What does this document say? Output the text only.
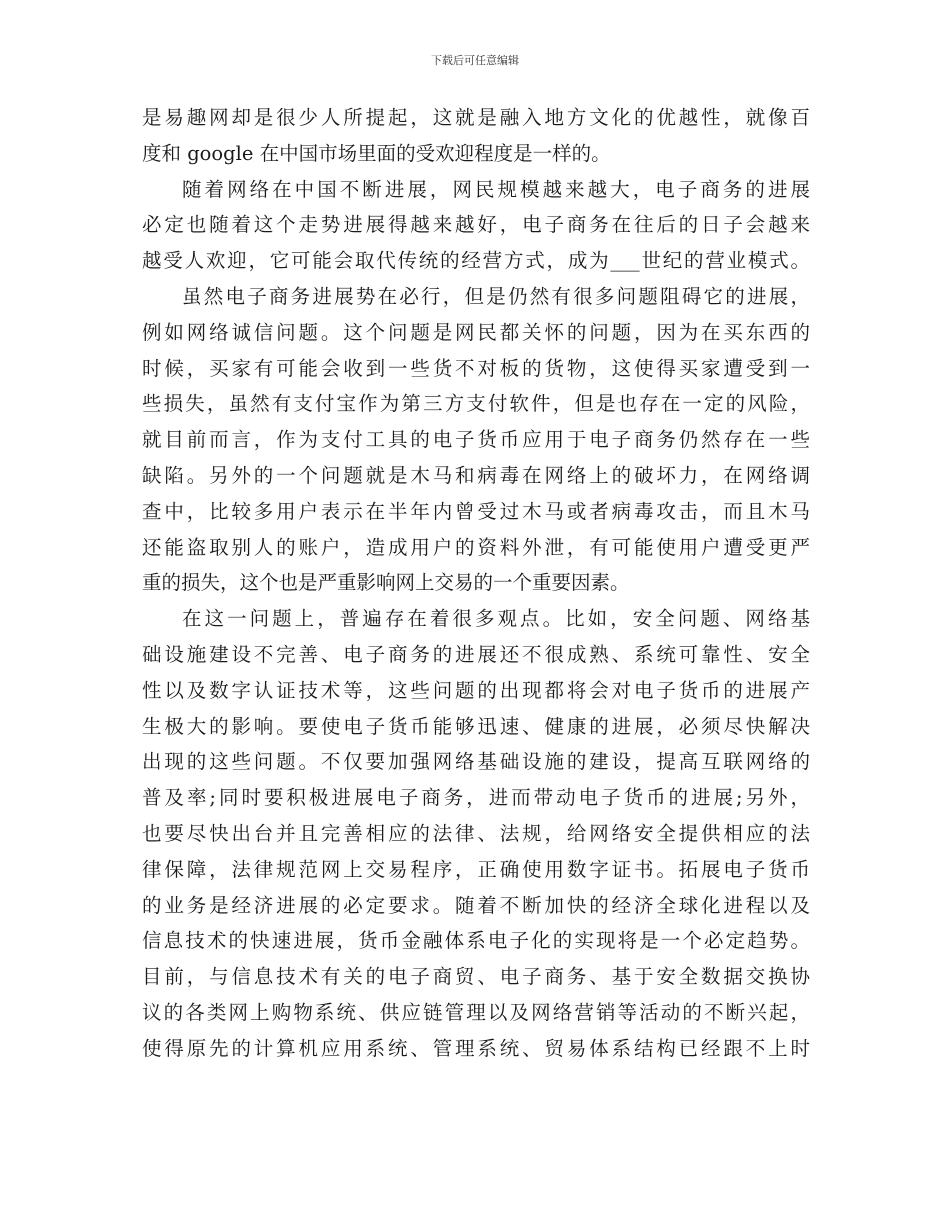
下载后可任意编辑
是易趣网却是很少人所提起，这就是融入地方文化的优越性，就像百
度和 google 在中国市场里面的受欢迎程度是一样的。
随着网络在中国不断进展，网民规模越来越大，电子商务的进展
必定也随着这个走势进展得越来越好，电子商务在往后的日子会越来
越受人欢迎，它可能会取代传统的经营方式，成为___世纪的营业模式。
虽然电子商务进展势在必行，但是仍然有很多问题阻碍它的进展，
例如网络诚信问题。这个问题是网民都关怀的问题，因为在买东西的
时候，买家有可能会收到一些货不对板的货物，这使得买家遭受到一
些损失，虽然有支付宝作为第三方支付软件，但是也存在一定的风险，
就目前而言，作为支付工具的电子货币应用于电子商务仍然存在一些
缺陷。另外的一个问题就是木马和病毒在网络上的破坏力，在网络调
查中，比较多用户表示在半年内曾受过木马或者病毒攻击，而且木马
还能盗取别人的账户，造成用户的资料外泄，有可能使用户遭受更严
重的损失，这个也是严重影响网上交易的一个重要因素。
在这一问题上，普遍存在着很多观点。比如，安全问题、网络基
础设施建设不完善、电子商务的进展还不很成熟、系统可靠性、安全
性以及数字认证技术等，这些问题的出现都将会对电子货币的进展产
生极大的影响。要使电子货币能够迅速、健康的进展，必须尽快解决
出现的这些问题。不仅要加强网络基础设施的建设，提高互联网络的
普及率;同时要积极进展电子商务，进而带动电子货币的进展;另外，
也要尽快出台并且完善相应的法律、法规，给网络安全提供相应的法
律保障，法律规范网上交易程序，正确使用数字证书。拓展电子货币
的业务是经济进展的必定要求。随着不断加快的经济全球化进程以及
信息技术的快速进展，货币金融体系电子化的实现将是一个必定趋势。
目前，与信息技术有关的电子商贸、电子商务、基于安全数据交换协
议的各类网上购物系统、供应链管理以及网络营销等活动的不断兴起，
使得原先的计算机应用系统、管理系统、贸易体系结构已经跟不上时
